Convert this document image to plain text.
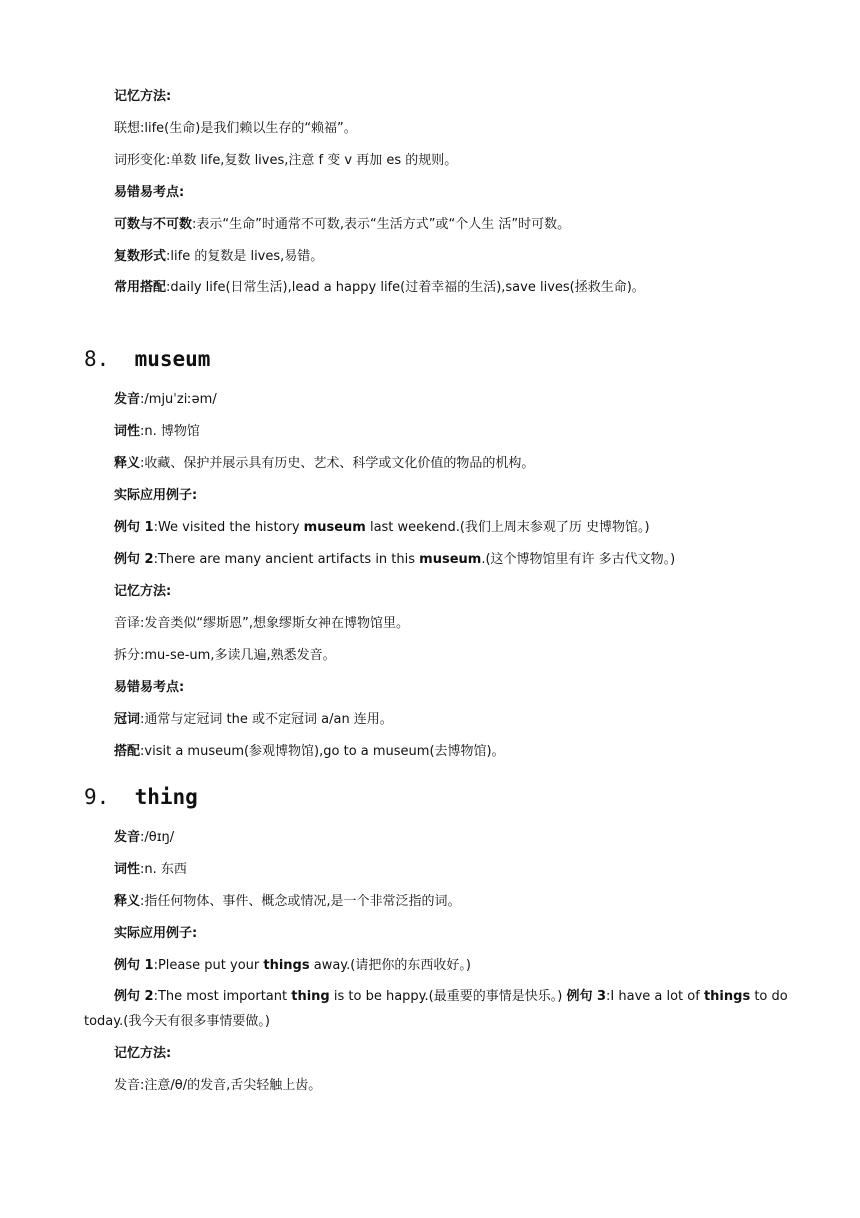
记忆方法:
联想:life(生命)是我们赖以生存的“赖福”。
词形变化:单数 life,复数 lives,注意 f 变 v 再加 es 的规则。
易错易考点:
可数与不可数:表示“生命”时通常不可数,表示“生活方式”或“个人生 活”时可数。
复数形式:life 的复数是 lives,易错。
常用搭配:daily life(日常生活),lead a happy life(过着幸福的生活),save lives(拯救生命)。
8. museum
发音:/mjuˈziːəm/
词性:n. 博物馆
释义:收藏、保护并展示具有历史、艺术、科学或文化价值的物品的机构。
实际应用例子:
例句 1:We visited the history museum last weekend.(我们上周末参观了历 史博物馆。)
例句 2:There are many ancient artifacts in this museum.(这个博物馆里有许 多古代文物。)
记忆方法:
音译:发音类似“缪斯恩”,想象缪斯女神在博物馆里。
拆分:mu-se-um,多读几遍,熟悉发音。
易错易考点:
冠词:通常与定冠词 the 或不定冠词 a/an 连用。
搭配:visit a museum(参观博物馆),go to a museum(去博物馆)。
9. thing
发音:/θɪŋ/
词性:n. 东西
释义:指任何物体、事件、概念或情况,是一个非常泛指的词。
实际应用例子:
例句 1:Please put your things away.(请把你的东西收好。)
例句 2:The most important thing is to be happy.(最重要的事情是快乐。) 例句 3:I have a lot of things to do today.(我今天有很多事情要做。)
记忆方法:
发音:注意/θ/的发音,舌尖轻触上齿。
